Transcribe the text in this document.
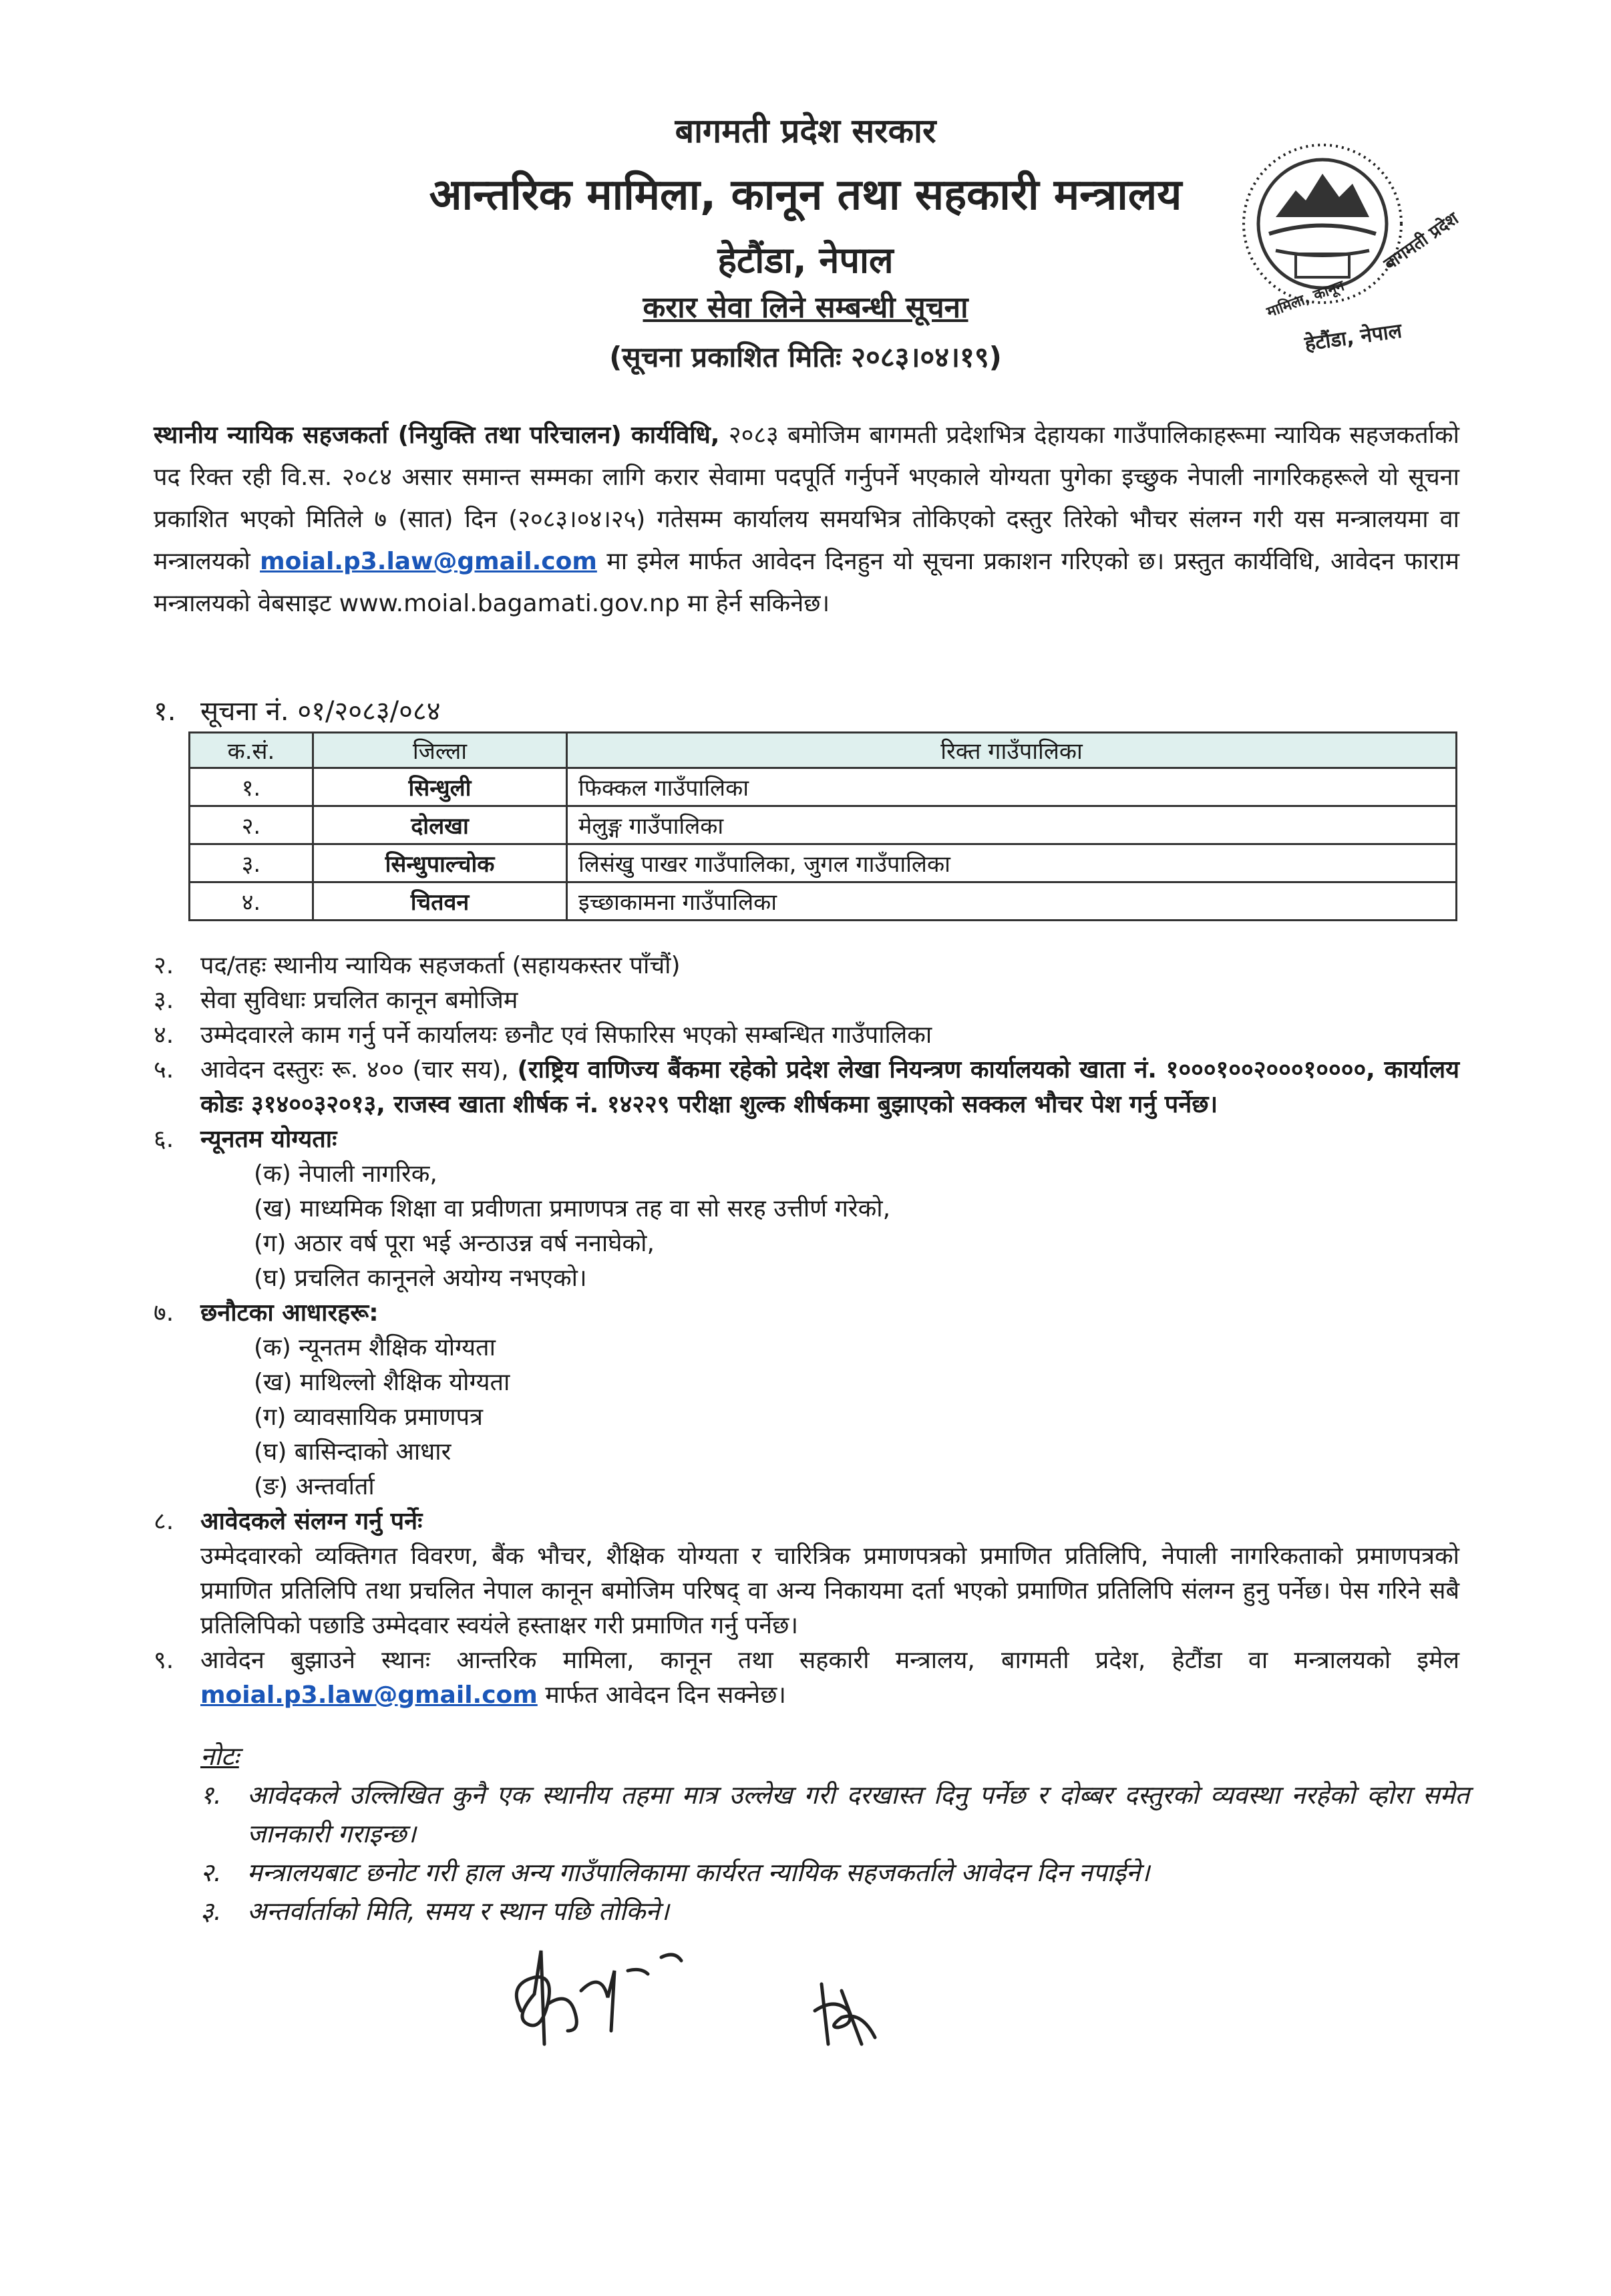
बागमती प्रदेश सरकार
आन्तरिक मामिला, कानून तथा सहकारी मन्त्रालय
हेटौंडा, नेपाल
करार सेवा लिने सम्बन्धी सूचना
(सूचना प्रकाशित मितिः २०८३।०४।१९)
बागमती प्रदेश
मामिला, कानून
हेटौंडा, नेपाल
स्थानीय न्यायिक सहजकर्ता (नियुक्ति तथा परिचालन) कार्यविधि, २०८३ बमोजिम बागमती प्रदेशभित्र देहायका गाउँपालिकाहरूमा न्यायिक सहजकर्ताको पद रिक्त रही वि.स. २०८४ असार समान्त सम्मका लागि करार सेवामा पदपूर्ति गर्नुपर्ने भएकाले योग्यता पुगेका इच्छुक नेपाली नागरिकहरूले यो सूचना प्रकाशित भएको मितिले ७ (सात) दिन (२०८३।०४।२५) गतेसम्म कार्यालय समयभित्र तोकिएको दस्तुर तिरेको भौचर संलग्न गरी यस मन्त्रालयमा वा मन्त्रालयको moial.p3.law@gmail.com मा इमेल मार्फत आवेदन दिनहुन यो सूचना प्रकाशन गरिएको छ। प्रस्तुत कार्यविधि, आवेदन फाराम मन्त्रालयको वेबसाइट www.moial.bagamati.gov.np मा हेर्न सकिनेछ।
१. सूचना नं. ०१/२०८३/०८४
क.सं.	जिल्ला	रिक्त गाउँपालिका
१.	सिन्धुली	फिक्कल गाउँपालिका
२.	दोलखा	मेलुङ्ग गाउँपालिका
३.	सिन्धुपाल्चोक	लिसंखु पाखर गाउँपालिका, जुगल गाउँपालिका
४.	चितवन	इच्छाकामना गाउँपालिका
२.	पद/तहः स्थानीय न्यायिक सहजकर्ता (सहायकस्तर पाँचौं)
३.	सेवा सुविधाः प्रचलित कानून बमोजिम
४.	उम्मेदवारले काम गर्नु पर्ने कार्यालयः छनौट एवं सिफारिस भएको सम्बन्धित गाउँपालिका
५.	आवेदन दस्तुरः रू. ४०० (चार सय), (राष्ट्रिय वाणिज्य बैंकमा रहेको प्रदेश लेखा नियन्त्रण कार्यालयको खाता नं. १०००१००२०००१००००, कार्यालय कोडः ३१४००३२०१३, राजस्व खाता शीर्षक नं. १४२२९ परीक्षा शुल्क शीर्षकमा बुझाएको सक्कल भौचर पेश गर्नु पर्नेछ।
६.	न्यूनतम योग्यताः
(क) नेपाली नागरिक,
(ख) माध्यमिक शिक्षा वा प्रवीणता प्रमाणपत्र तह वा सो सरह उत्तीर्ण गरेको,
(ग) अठार वर्ष पूरा भई अन्ठाउन्न वर्ष ननाघेको,
(घ) प्रचलित कानूनले अयोग्य नभएको।
७.	छनौटका आधारहरू:
(क) न्यूनतम शैक्षिक योग्यता
(ख) माथिल्लो शैक्षिक योग्यता
(ग) व्यावसायिक प्रमाणपत्र
(घ) बासिन्दाको आधार
(ङ) अन्तर्वार्ता
८.	आवेदकले संलग्न गर्नु पर्नेः
उम्मेदवारको व्यक्तिगत विवरण, बैंक भौचर, शैक्षिक योग्यता र चारित्रिक प्रमाणपत्रको प्रमाणित प्रतिलिपि, नेपाली नागरिकताको प्रमाणपत्रको प्रमाणित प्रतिलिपि तथा प्रचलित नेपाल कानून बमोजिम परिषद् वा अन्य निकायमा दर्ता भएको प्रमाणित प्रतिलिपि संलग्न हुनु पर्नेछ। पेस गरिने सबै प्रतिलिपिको पछाडि उम्मेदवार स्वयंले हस्ताक्षर गरी प्रमाणित गर्नु पर्नेछ।
९.	आवेदन बुझाउने स्थानः आन्तरिक मामिला, कानून तथा सहकारी मन्त्रालय, बागमती प्रदेश, हेटौंडा वा मन्त्रालयको इमेल moial.p3.law@gmail.com मार्फत आवेदन दिन सक्नेछ।
नोटः
१.	आवेदकले उल्लिखित कुनै एक स्थानीय तहमा मात्र उल्लेख गरी दरखास्त दिनु पर्नेछ र दोब्बर दस्तुरको व्यवस्था नरहेको व्होरा समेत जानकारी गराइन्छ।
२.	मन्त्रालयबाट छनोट गरी हाल अन्य गाउँपालिकामा कार्यरत न्यायिक सहजकर्ताले आवेदन दिन नपाईने।
३.	अन्तर्वार्ताको मिति, समय र स्थान पछि तोकिने।
